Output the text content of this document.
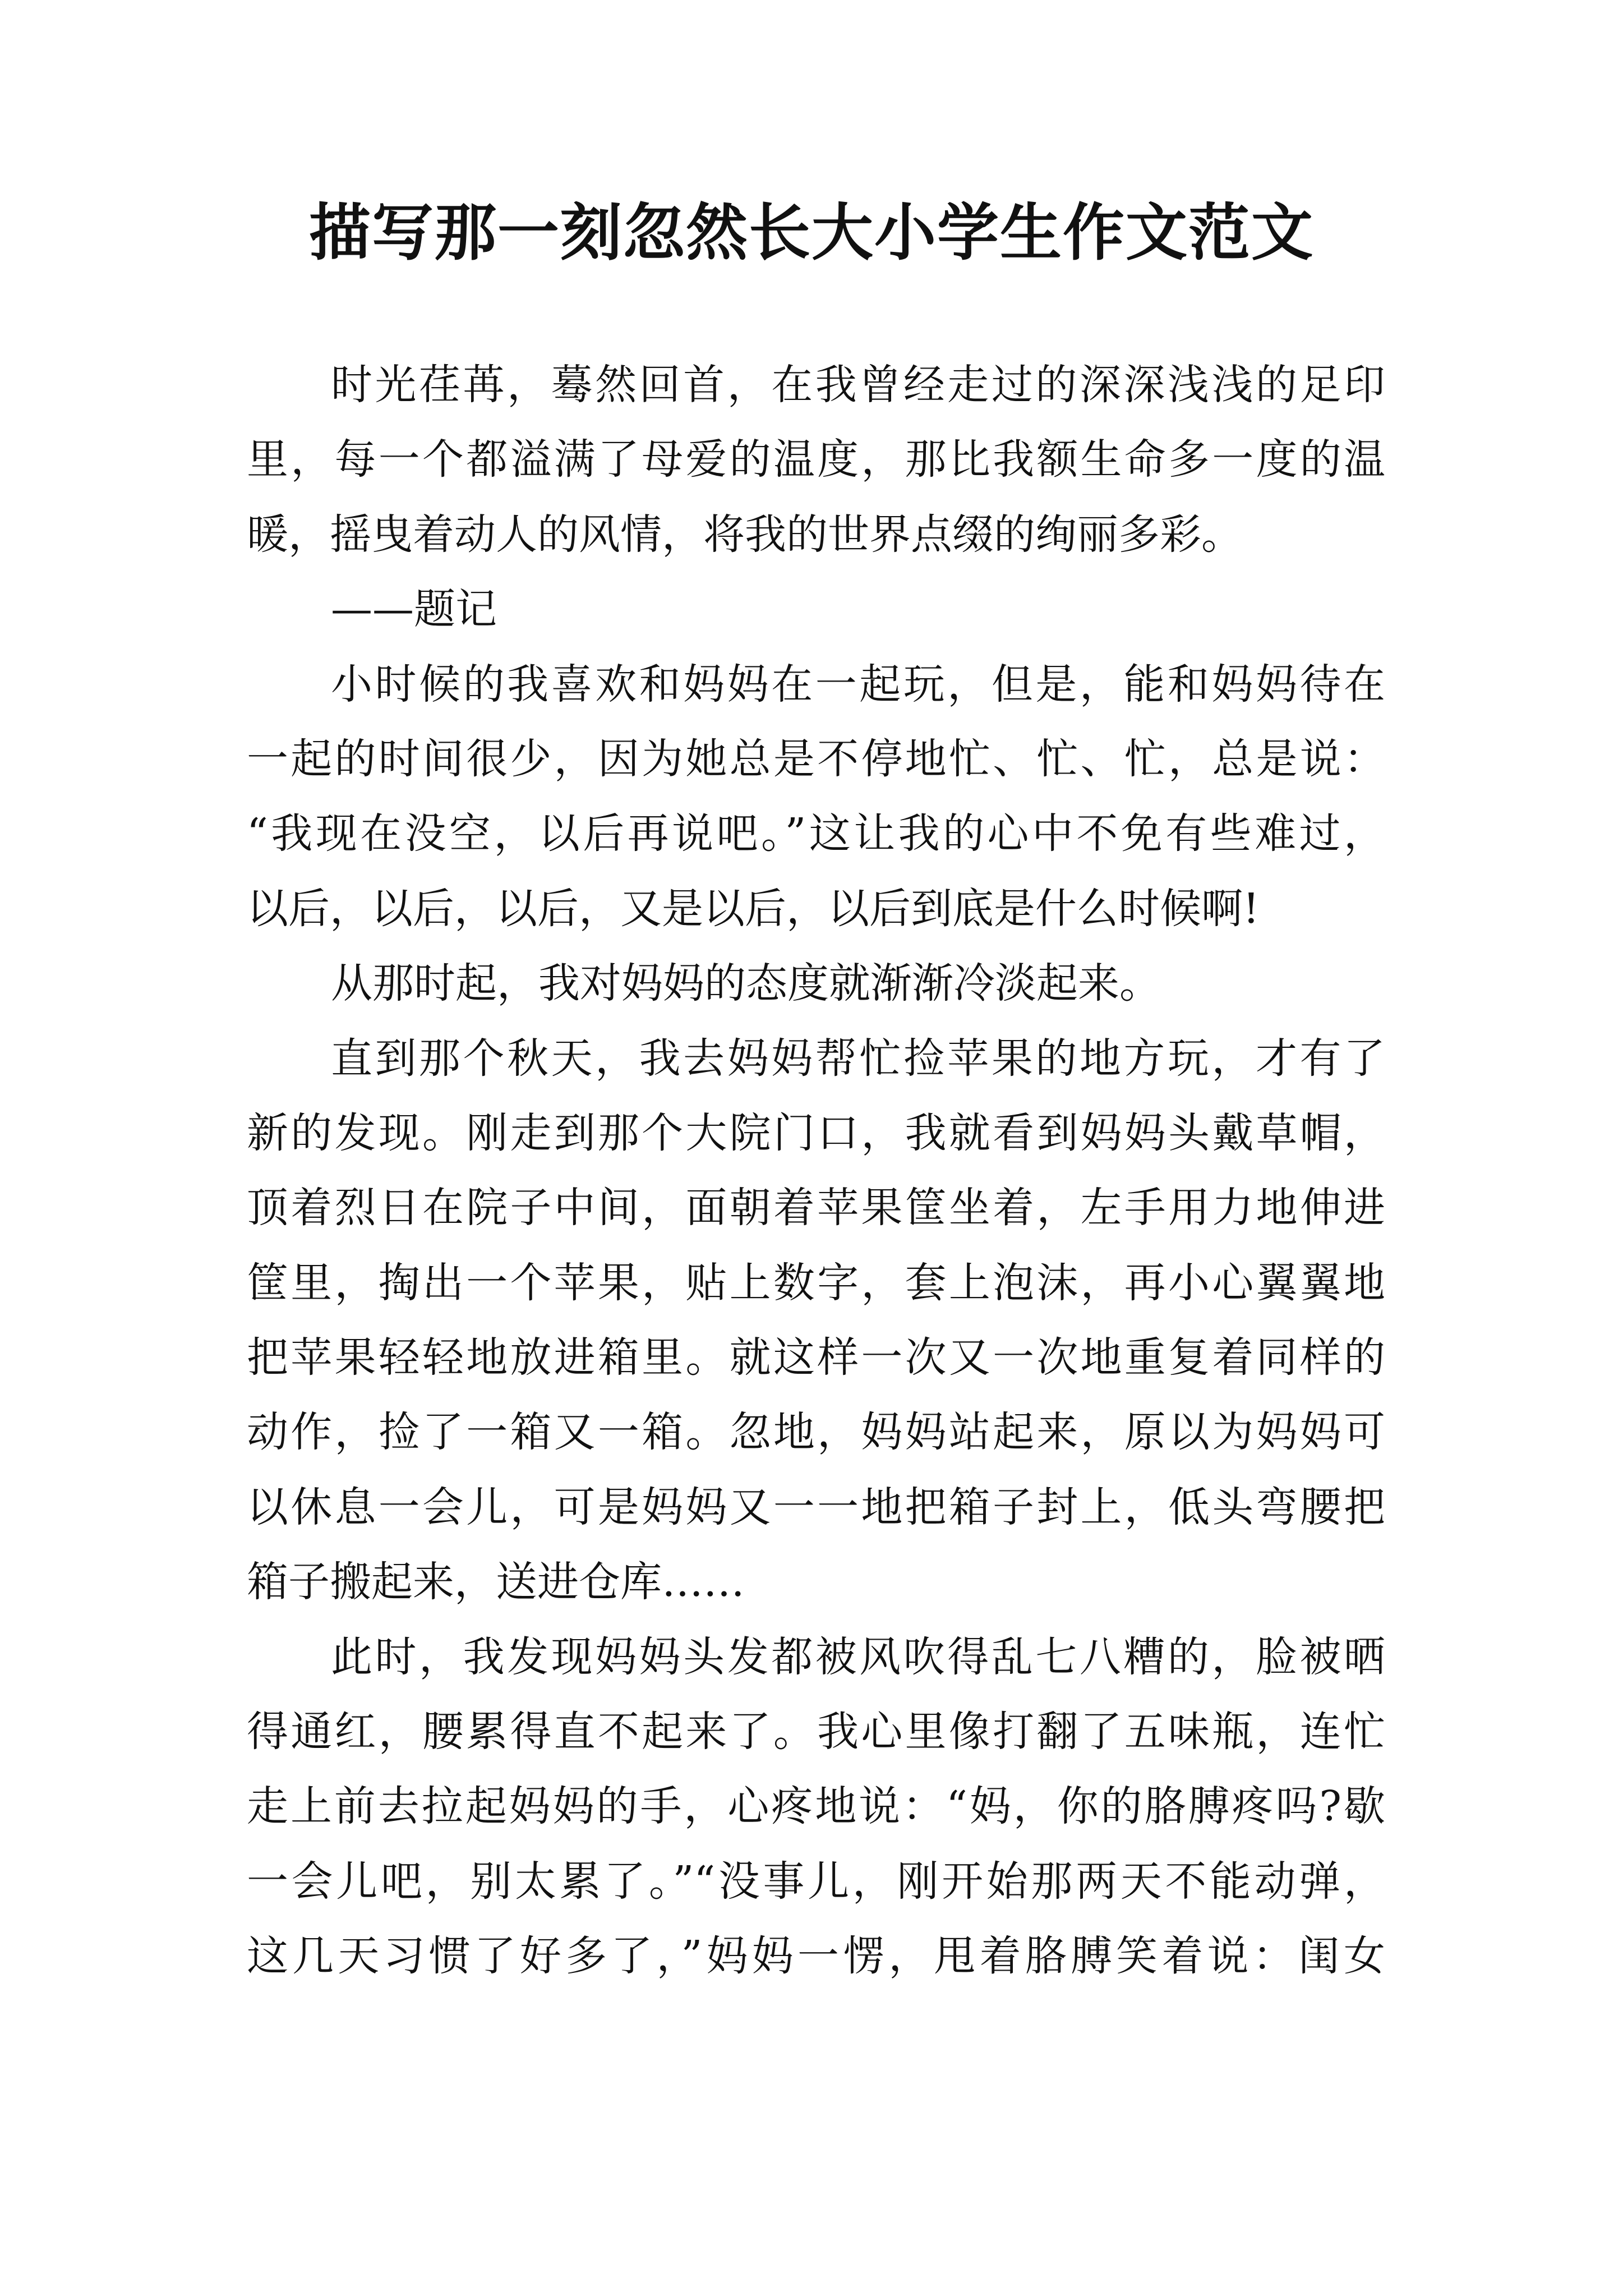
描写那一刻忽然长大小学生作文范文
时光荏苒，蓦然回首，在我曾经走过的深深浅浅的足印
里，每一个都溢满了母爱的温度，那比我额生命多一度的温
暖，摇曳着动人的风情，将我的世界点缀的绚丽多彩。
——题记
小时候的我喜欢和妈妈在一起玩，但是，能和妈妈待在
一起的时间很少，因为她总是不停地忙、忙、忙，总是说：
“我现在没空，以后再说吧。”这让我的心中不免有些难过，
以后，以后，以后，又是以后，以后到底是什么时候啊!
从那时起，我对妈妈的态度就渐渐冷淡起来。
直到那个秋天，我去妈妈帮忙捡苹果的地方玩，才有了
新的发现。刚走到那个大院门口，我就看到妈妈头戴草帽，
顶着烈日在院子中间，面朝着苹果筐坐着，左手用力地伸进
筐里，掏出一个苹果，贴上数字，套上泡沫，再小心翼翼地
把苹果轻轻地放进箱里。就这样一次又一次地重复着同样的
动作，捡了一箱又一箱。忽地，妈妈站起来，原以为妈妈可
以休息一会儿，可是妈妈又一一地把箱子封上，低头弯腰把
箱子搬起来，送进仓库……
此时，我发现妈妈头发都被风吹得乱七八糟的，脸被晒
得通红，腰累得直不起来了。我心里像打翻了五味瓶，连忙
走上前去拉起妈妈的手，心疼地说：“妈，你的胳膊疼吗?歇
一会儿吧，别太累了。”“没事儿，刚开始那两天不能动弹，
这几天习惯了好多了，”妈妈一愣，甩着胳膊笑着说：闺女
